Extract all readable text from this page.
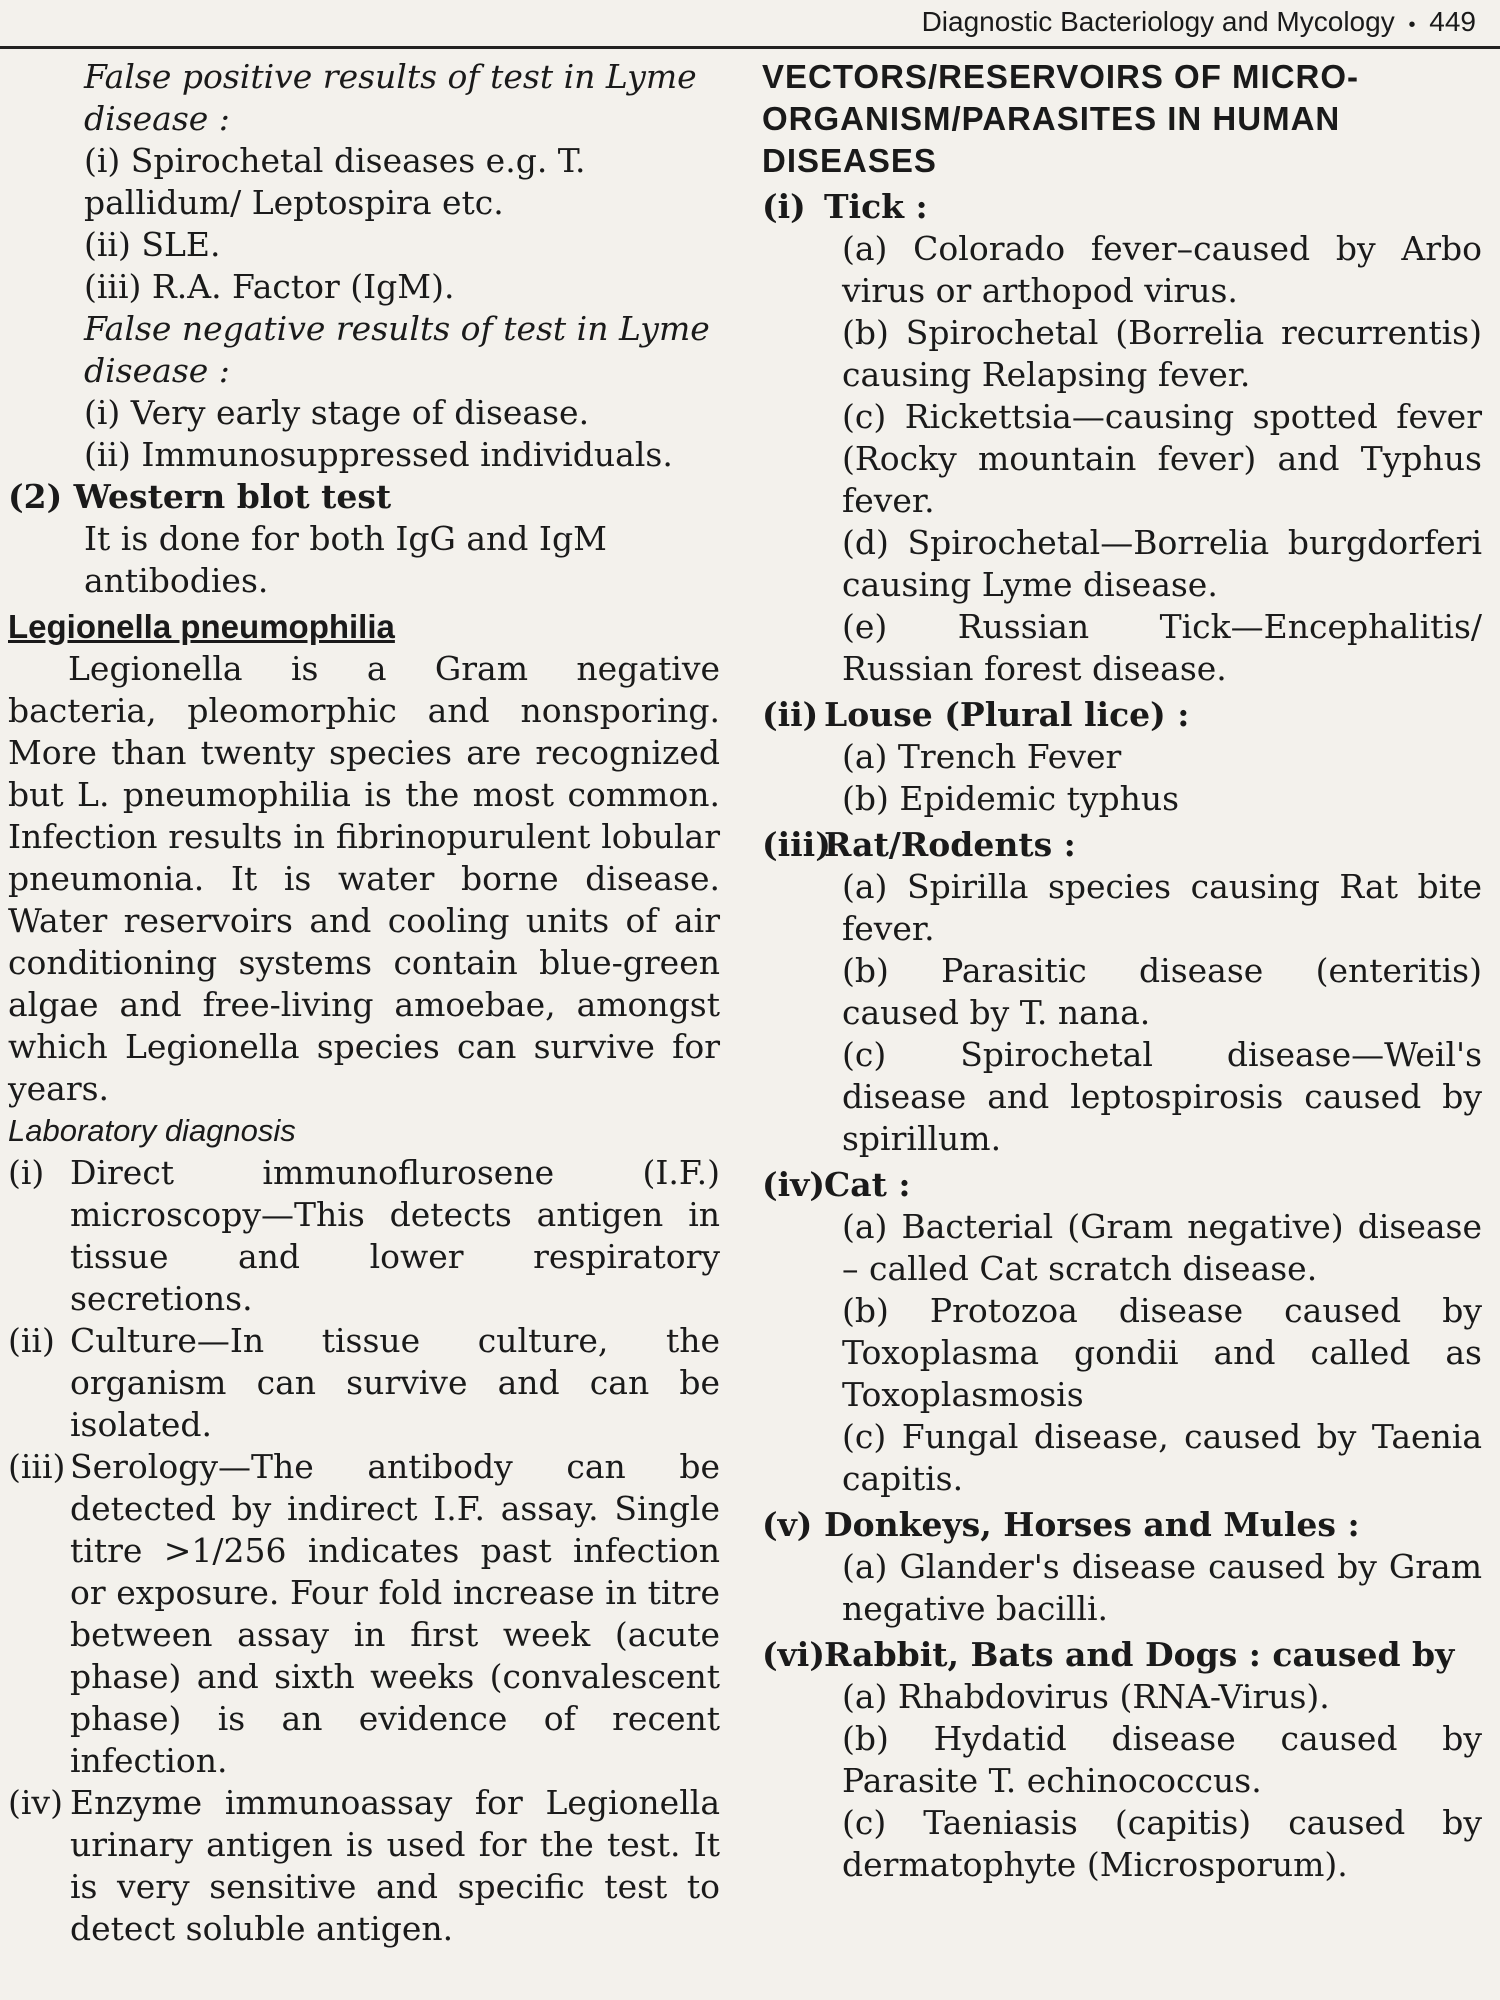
Diagnostic Bacteriology and Mycology • 449

False positive results of test in Lyme disease :

(i) Spirochetal diseases e.g. T. pallidum/ Leptospira etc.

(ii) SLE.

(iii) R.A. Factor (IgM).

False negative results of test in Lyme disease :

(i) Very early stage of disease.

(ii) Immunosuppressed individuals.

(2) Western blot test

It is done for both IgG and IgM antibodies.

Legionella pneumophilia

Legionella is a Gram negative bacteria, pleomorphic and nonsporing. More than twenty species are recognized but L. pneumophilia is the most common. Infection results in fibrinopurulent lobular pneumonia. It is water borne disease. Water reservoirs and cooling units of air conditioning systems contain blue-green algae and free-living amoebae, amongst which Legionella species can survive for years.

Laboratory diagnosis

(i) Direct immunoflurosene (I.F.) microscopy—This detects antigen in tissue and lower respiratory secretions.
(ii) Culture—In tissue culture, the organism can survive and can be isolated.
(iii) Serology—The antibody can be detected by indirect I.F. assay. Single titre >1/256 indicates past infection or exposure. Four fold increase in titre between assay in first week (acute phase) and sixth weeks (convalescent phase) is an evidence of recent infection.
(iv) Enzyme immunoassay for Legionella urinary antigen is used for the test. It is very sensitive and specific test to detect soluble antigen.

VECTORS/RESERVOIRS OF MICRO-ORGANISM/PARASITES IN HUMAN DISEASES

(i) Tick :

(a) Colorado fever–caused by Arbo virus or arthopod virus.

(b) Spirochetal (Borrelia recurrentis) causing Relapsing fever.

(c) Rickettsia—causing spotted fever (Rocky mountain fever) and Typhus fever.

(d) Spirochetal—Borrelia burgdorferi causing Lyme disease.

(e) Russian Tick—Encephalitis/ Russian forest disease.

(ii) Louse (Plural lice) :

(a) Trench Fever

(b) Epidemic typhus

(iii)
Rat/Rodents :

(a) Spirilla species causing Rat bite fever.

(b) Parasitic disease (enteritis) caused by T. nana.

(c) Spirochetal disease—Weil's disease and leptospirosis caused by spirillum.

(iv) Cat :

(a) Bacterial (Gram negative) disease – called Cat scratch disease.

(b) Protozoa disease caused by Toxoplasma gondii and called as Toxoplasmosis

(c) Fungal disease, caused by Taenia capitis.

(v) Donkeys, Horses and Mules :

(a) Glander's disease caused by Gram negative bacilli.

(vi) Rabbit, Bats and Dogs : caused by

(a) Rhabdovirus (RNA-Virus).

(b) Hydatid disease caused by Parasite T. echinococcus.

(c) Taeniasis (capitis) caused by dermatophyte (Microsporum).
